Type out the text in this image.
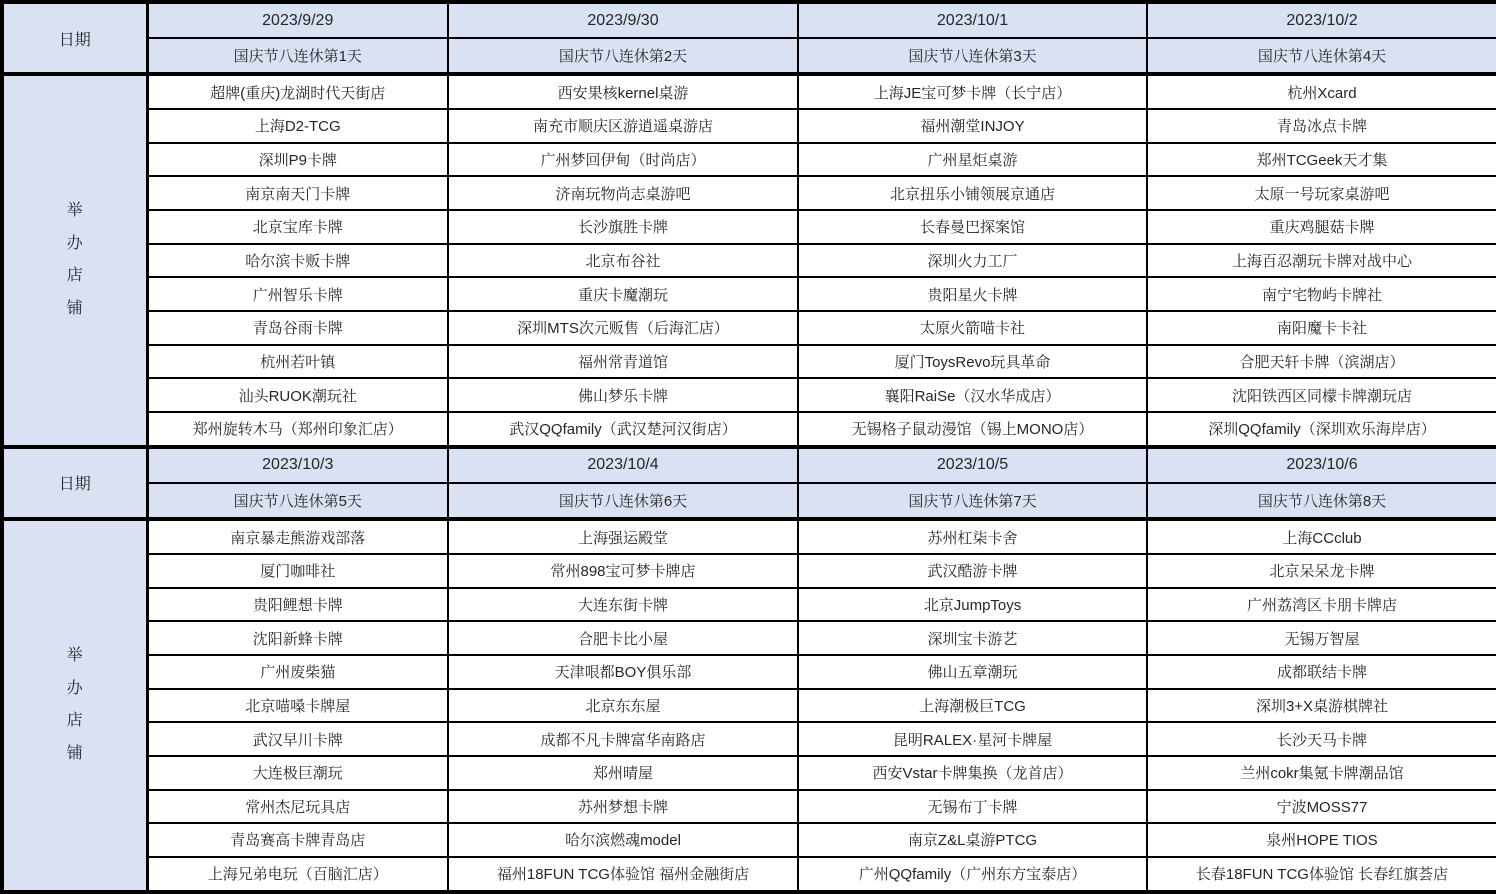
日期	2023/9/29	2023/9/30	2023/10/1	2023/10/2
	国庆节八连休第1天	国庆节八连休第2天	国庆节八连休第3天	国庆节八连休第4天
举办店铺	超牌(重庆)龙湖时代天街店	西安果核kernel桌游	上海JE宝可梦卡牌（长宁店）	杭州Xcard
	上海D2-TCG	南充市顺庆区游逍遥桌游店	福州潮堂INJOY	青岛冰点卡牌
	深圳P9卡牌	广州梦回伊甸（时尚店）	广州星炬桌游	郑州TCGeek天才集
	南京南天门卡牌	济南玩物尚志桌游吧	北京扭乐小铺领展京通店	太原一号玩家桌游吧
	北京宝库卡牌	长沙旗胜卡牌	长春曼巴探案馆	重庆鸡腿菇卡牌
	哈尔滨卡贩卡牌	北京布谷社	深圳火力工厂	上海百忍潮玩卡牌对战中心
	广州智乐卡牌	重庆卡魔潮玩	贵阳星火卡牌	南宁宅物屿卡牌社
	青岛谷雨卡牌	深圳MTS次元贩售（后海汇店）	太原火箭喵卡社	南阳魔卡卡社
	杭州若叶镇	福州常青道馆	厦门ToysRevo玩具革命	合肥天轩卡牌（滨湖店）
	汕头RUOK潮玩社	佛山梦乐卡牌	襄阳RaiSe（汉水华成店）	沈阳铁西区同檬卡牌潮玩店
	郑州旋转木马（郑州印象汇店）	武汉QQfamily（武汉楚河汉街店）	无锡格子鼠动漫馆（锡上MONO店）	深圳QQfamily（深圳欢乐海岸店）
日期	2023/10/3	2023/10/4	2023/10/5	2023/10/6
	国庆节八连休第5天	国庆节八连休第6天	国庆节八连休第7天	国庆节八连休第8天
举办店铺	南京暴走熊游戏部落	上海强运殿堂	苏州杠柒卡舍	上海CCclub
	厦门咖啡社	常州898宝可梦卡牌店	武汉酷游卡牌	北京呆呆龙卡牌
	贵阳鲤想卡牌	大连东街卡牌	北京JumpToys	广州荔湾区卡朋卡牌店
	沈阳新蜂卡牌	合肥卡比小屋	深圳宝卡游艺	无锡万智屋
	广州废柴猫	天津哏都BOY俱乐部	佛山五章潮玩	成都联结卡牌
	北京喵嗓卡牌屋	北京东东屋	上海潮极巨TCG	深圳3+X桌游棋牌社
	武汉早川卡牌	成都不凡卡牌富华南路店	昆明RALEX·星河卡牌屋	长沙天马卡牌
	大连极巨潮玩	郑州晴屋	西安Vstar卡牌集换（龙首店）	兰州cokr集氪卡牌潮品馆
	常州杰尼玩具店	苏州梦想卡牌	无锡布丁卡牌	宁波MOSS77
	青岛赛高卡牌青岛店	哈尔滨燃魂model	南京Z&L桌游PTCG	泉州HOPE TIOS
	上海兄弟电玩（百脑汇店）	福州18FUN TCG体验馆 福州金融街店	广州QQfamily（广州东方宝泰店）	长春18FUN TCG体验馆 长春红旗荟店
